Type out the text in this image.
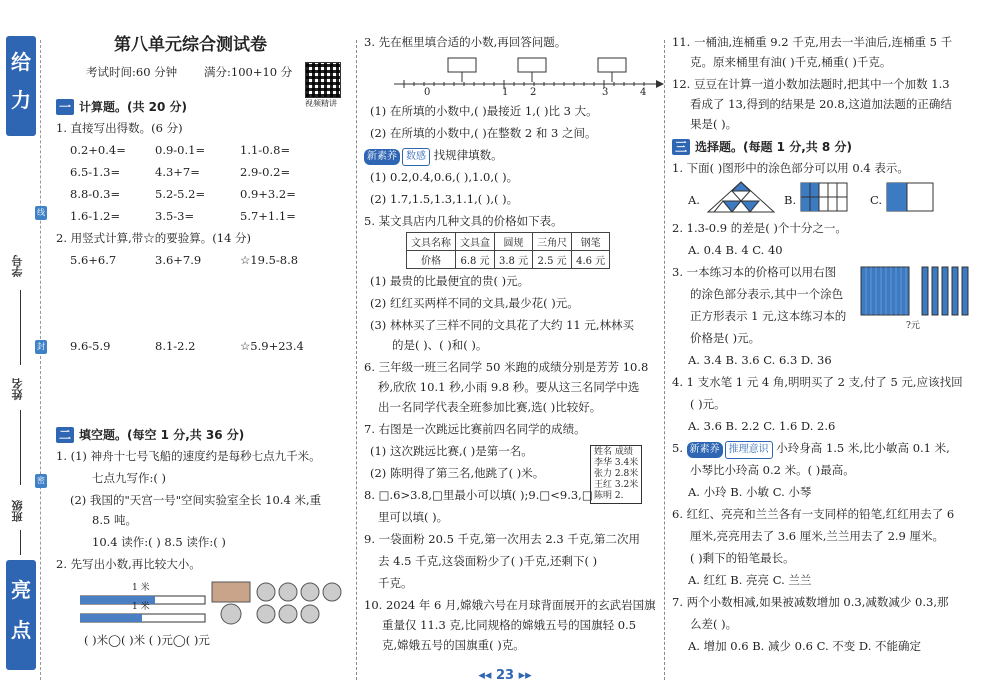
给
力
亮
点
学号
姓名
班级
线
封
密
第八单元综合测试卷
考试时间:60 分钟 满分:100+10 分
一 计算题。(共 20 分)
1. 直接写出得数。(6 分)
0.2+0.4=	0.9-0.1=	1.1-0.8=
6.5-1.3=	4.3+7=	2.9-0.2=
8.8-0.3=	5.2-5.2=	0.9+3.2=
1.6-1.2=	3.5-3=	5.7+1.1=
2. 用竖式计算,带☆的要验算。(14 分)
5.6+6.7	3.6+7.9	☆19.5-8.8
9.6-5.9	8.1-2.2	☆5.9+23.4
二 填空题。(每空 1 分,共 36 分)
1. (1) 神舟十七号飞船的速度约是每秒七点九千米。
七点九写作:( )
(2) 我国的"天宫一号"空间实验室全长 10.4 米,重
8.5 吨。
10.4 读作:( ) 8.5 读作:( )
2. 先写出小数,再比较大小。
1 米
1 米
( )米◯( )米 ( )元◯( )元
视频精讲
3. 先在框里填合适的小数,再回答问题。
0	1 2	3	4
(1) 在所填的小数中,( )最接近 1,( )比 3 大。
(2) 在所填的小数中,( )在整数 2 和 3 之间。
新素养 数感 找规律填数。
(1) 0.2,0.4,0.6,( ),1.0,( )。
(2) 1.7,1.5,1.3,1.1,( ),( )。
5. 某文具店内几种文具的价格如下表。
文具名称	文具盒	圆规	三角尺	钢笔
价格	6.8 元	3.8 元	2.5 元	4.6 元
(1) 最贵的比最便宜的贵( )元。
(2) 红红买两样不同的文具,最少花( )元。
(3) 林林买了三样不同的文具花了大约 11 元,林林买
的是( )、( )和( )。
6. 三年级一班三名同学 50 米跑的成绩分别是芳芳 10.8
秒,欣欣 10.1 秒,小雨 9.8 秒。要从这三名同学中选
出一名同学代表全班参加比赛,选( )比较好。
7. 右图是一次跳远比赛前四名同学的成绩。
(1) 这次跳远比赛,( )是第一名。
(2) 陈明得了第三名,他跳了( )米。
8. □.6>3.8,□里最小可以填( );9.□<9.3,□
里可以填( )。
9. 一袋面粉 20.5 千克,第一次用去 2.3 千克,第二次用
去 4.5 千克,这袋面粉少了( )千克,还剩下( )
千克。
10. 2024 年 6 月,嫦娥六号在月球背面展开的玄武岩国旗
重量仅 11.3 克,比同规格的嫦娥五号的国旗轻 0.5
克,嫦娥五号的国旗重( )克。
姓名 成绩
李华 3.4米
张力 2.8米
王红 3.2米
陈明 2.
11. 一桶油,连桶重 9.2 千克,用去一半油后,连桶重 5 千
克。原来桶里有油( )千克,桶重( )千克。
12. 豆豆在计算一道小数加法题时,把其中一个加数 1.3
看成了 13,得到的结果是 20.8,这道加法题的正确结
果是( )。
三 选择题。(每题 1 分,共 8 分)
1. 下面( )图形中的涂色部分可以用 0.4 表示。
A.	B.	C.
2. 1.3-0.9 的差是( )个十分之一。
A. 0.4 B. 4 C. 40
3. 一本练习本的价格可以用右图
的涂色部分表示,其中一个涂色
正方形表示 1 元,这本练习本的
价格是( )元。
?元
A. 3.4 B. 3.6 C. 6.3 D. 36
4. 1 支水笔 1 元 4 角,明明买了 2 支,付了 5 元,应该找回
( )元。
A. 3.6 B. 2.2 C. 1.6 D. 2.6
5. 新素养 推理意识 小玲身高 1.5 米,比小敏高 0.1 米,
小琴比小玲高 0.2 米。( )最高。
A. 小玲 B. 小敏 C. 小琴
6. 红红、亮亮和兰兰各有一支同样的铅笔,红红用去了 6
厘米,亮亮用去了 3.6 厘米,兰兰用去了 2.9 厘米。
( )剩下的铅笔最长。
A. 红红 B. 亮亮 C. 兰兰
7. 两个小数相减,如果被减数增加 0.3,减数减少 0.3,那
么差( )。
A. 增加 0.6 B. 减少 0.6 C. 不变 D. 不能确定
◂◂ 23 ▸▸
